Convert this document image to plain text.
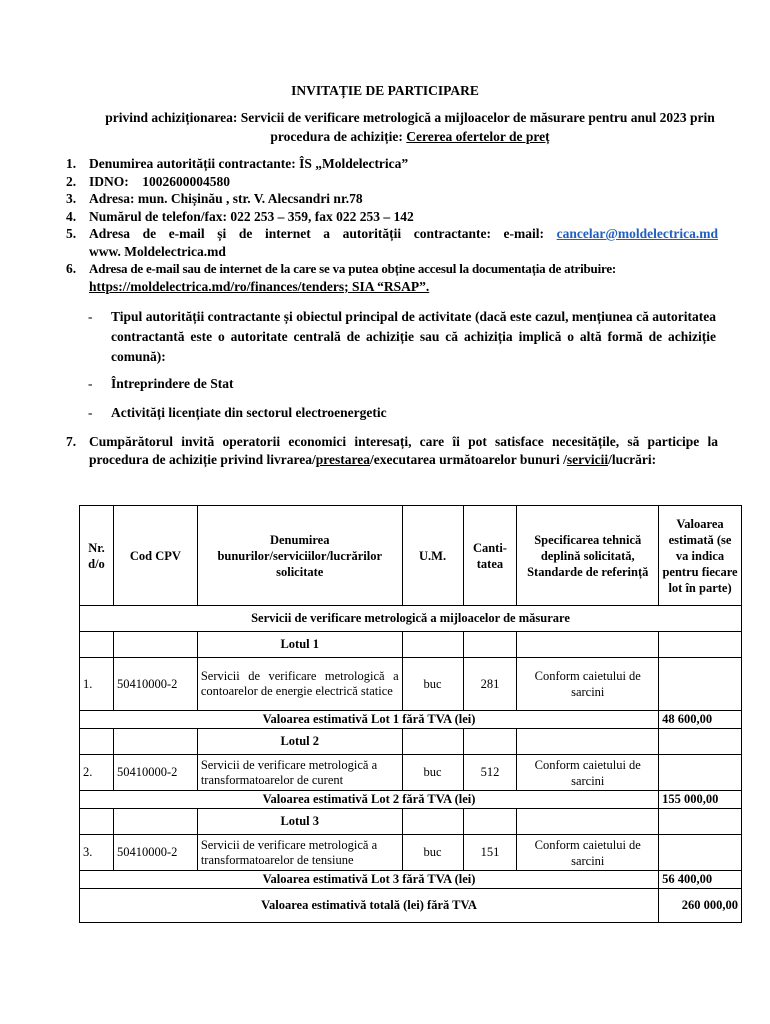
INVITAȚIE DE PARTICIPARE
privind achiziționarea: Servicii de verificare metrologică a mijloacelor de măsurare pentru anul 2023 prin procedura de achiziție: Cererea ofertelor de preț
1. Denumirea autorității contractante: ÎS „Moldelectrica”
2. IDNO:    1002600004580
3. Adresa: mun. Chișinău , str. V. Alecsandri nr.78
4. Numărul de telefon/fax: 022 253 – 359, fax 022 253 – 142
5. Adresa de e-mail și de internet a autorității contractante: e-mail: cancelar@moldelectrica.md
www. Moldelectrica.md
6. Adresa de e-mail sau de internet de la care se va putea obține accesul la documentația de atribuire:
https://moldelectrica.md/ro/finances/tenders; SIA “RSAP”.
- Tipul autorității contractante și obiectul principal de activitate (dacă este cazul, mențiunea că autoritatea contractantă este o autoritate centrală de achiziție sau că achiziția implică o altă formă de achiziție comună):
- Întreprindere de Stat
- Activități licențiate din sectorul electroenergetic
7. Cumpărătorul invită operatorii economici interesați, care îi pot satisface necesitățile, să participe la procedura de achiziție privind livrarea/prestarea/executarea următoarelor bunuri /servicii/lucrări:
Nr. d/o	Cod CPV	Denumirea bunurilor/serviciilor/lucrărilor solicitate	U.M.	Canti-tatea	Specificarea tehnică deplină solicitată, Standarde de referință	Valoarea estimată (se va indica pentru fiecare lot în parte)
Servicii de verificare metrologică a mijloacelor de măsurare						
		Lotul 1				
1.	50410000-2	Servicii de verificare metrologică a contoarelor de energie electrică statice	buc	281	Conform caietului de sarcini	
Valoarea estimativă Lot 1 fără TVA (lei)						48 600,00
		Lotul 2				
2.	50410000-2	Servicii de verificare metrologică a transformatoarelor de curent	buc	512	Conform caietului de sarcini	
Valoarea estimativă Lot 2 fără TVA (lei)						155 000,00
		Lotul 3				
3.	50410000-2	Servicii de verificare metrologică a transformatoarelor de tensiune	buc	151	Conform caietului de sarcini	
Valoarea estimativă Lot 3 fără TVA (lei)						56 400,00
Valoarea estimativă totală (lei) fără TVA						260 000,00
